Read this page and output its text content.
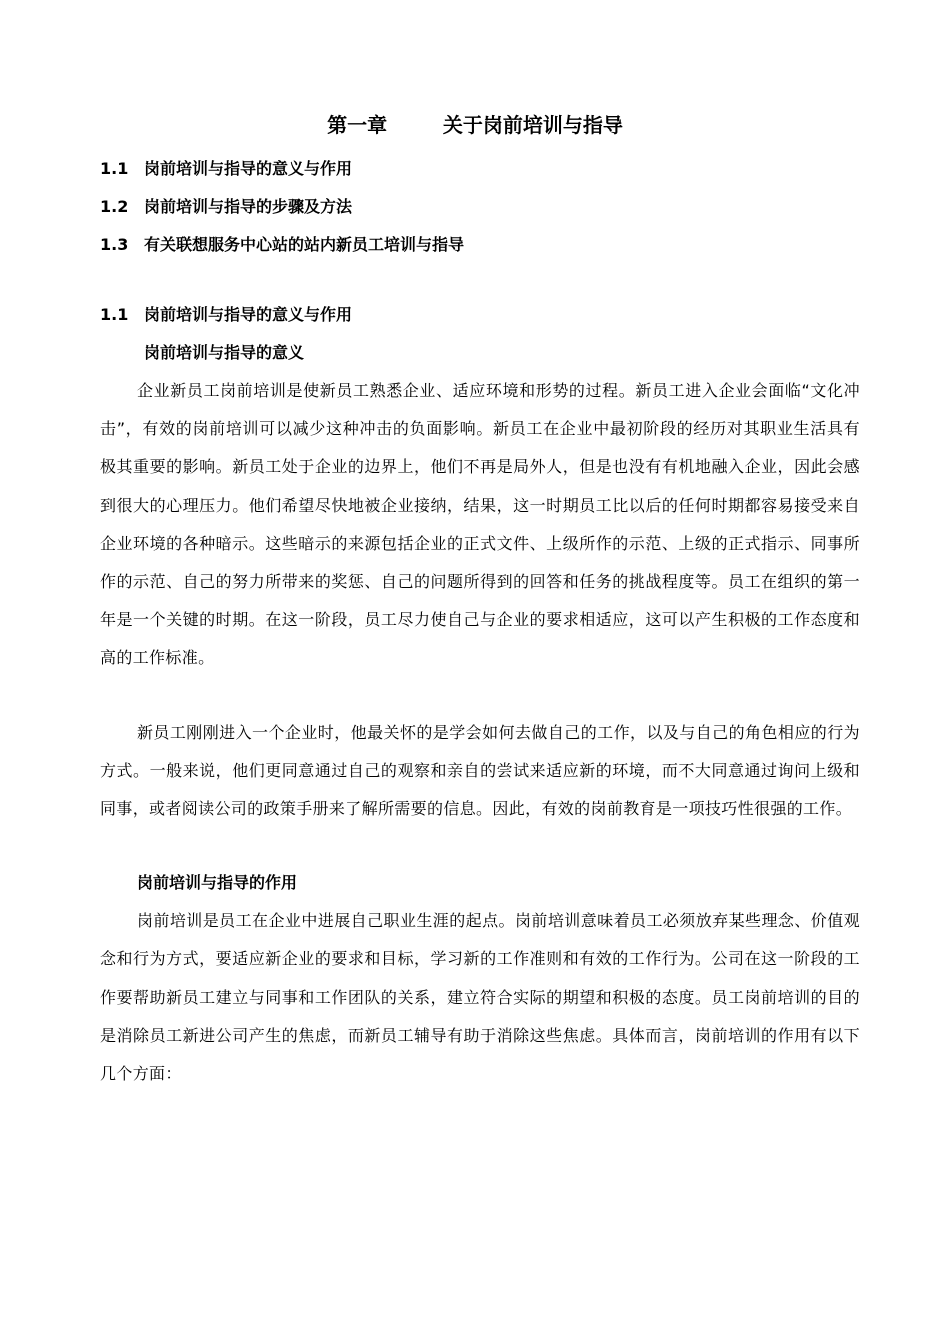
第一章	关于岗前培训与指导
1.1 岗前培训与指导的意义与作用
1.2 岗前培训与指导的步骤及方法
1.3 有关联想服务中心站的站内新员工培训与指导
1.1 岗前培训与指导的意义与作用
岗前培训与指导的意义

企业新员工岗前培训是使新员工熟悉企业、适应环境和形势的过程。新员工进入企业会面临“文化冲击”，有效的岗前培训可以减少这种冲击的负面影响。新员工在企业中最初阶段的经历对其职业生活具有极其重要的影响。新员工处于企业的边界上，他们不再是局外人，但是也没有有机地融入企业，因此会感到很大的心理压力。他们希望尽快地被企业接纳，结果，这一时期员工比以后的任何时期都容易接受来自企业环境的各种暗示。这些暗示的来源包括企业的正式文件、上级所作的示范、上级的正式指示、同事所作的示范、自己的努力所带来的奖惩、自己的问题所得到的回答和任务的挑战程度等。员工在组织的第一年是一个关键的时期。在这一阶段，员工尽力使自己与企业的要求相适应，这可以产生积极的工作态度和高的工作标准。

新员工刚刚进入一个企业时，他最关怀的是学会如何去做自己的工作，以及与自己的角色相应的行为方式。一般来说，他们更同意通过自己的观察和亲自的尝试来适应新的环境，而不大同意通过询问上级和同事，或者阅读公司的政策手册来了解所需要的信息。因此，有效的岗前教育是一项技巧性很强的工作。

岗前培训与指导的作用

岗前培训是员工在企业中进展自己职业生涯的起点。岗前培训意味着员工必须放弃某些理念、价值观念和行为方式，要适应新企业的要求和目标，学习新的工作准则和有效的工作行为。公司在这一阶段的工作要帮助新员工建立与同事和工作团队的关系，建立符合实际的期望和积极的态度。员工岗前培训的目的是消除员工新进公司产生的焦虑，而新员工辅导有助于消除这些焦虑。具体而言，岗前培训的作用有以下几个方面：
